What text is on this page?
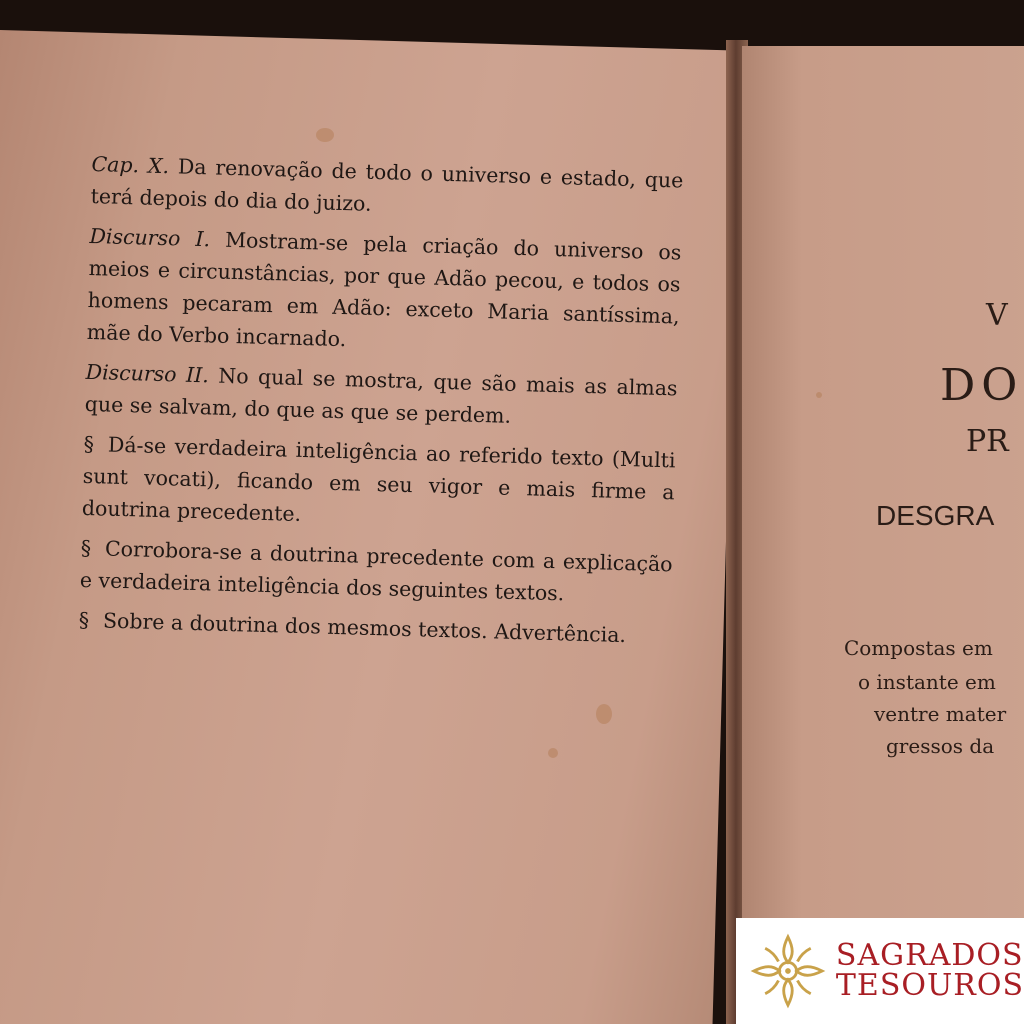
Cap. X. Da renovação de todo o universo e estado, que terá depois do dia do juizo.

Discurso I. Mostram-se pela criação do universo os meios e circunstâncias, por que Adão pecou, e todos os homens pecaram em Adão: exceto Maria santíssima, mãe do Verbo incarnado.

Discurso II. No qual se mostra, que são mais as almas que se salvam, do que as que se perdem.

§ Dá-se verdadeira inteligência ao referido texto (Multi sunt vocati), ficando em seu vigor e mais firme a doutrina precedente.

§ Corrobora-se a doutrina precedente com a explicação e verdadeira inteligência dos seguintes textos.

§ Sobre a doutrina dos mesmos textos. Advertência.

V
DO
PR
DESGRA
Compostas em
o instante em
ventre mater
gressos da
SAGRADOS
TESOUROS
